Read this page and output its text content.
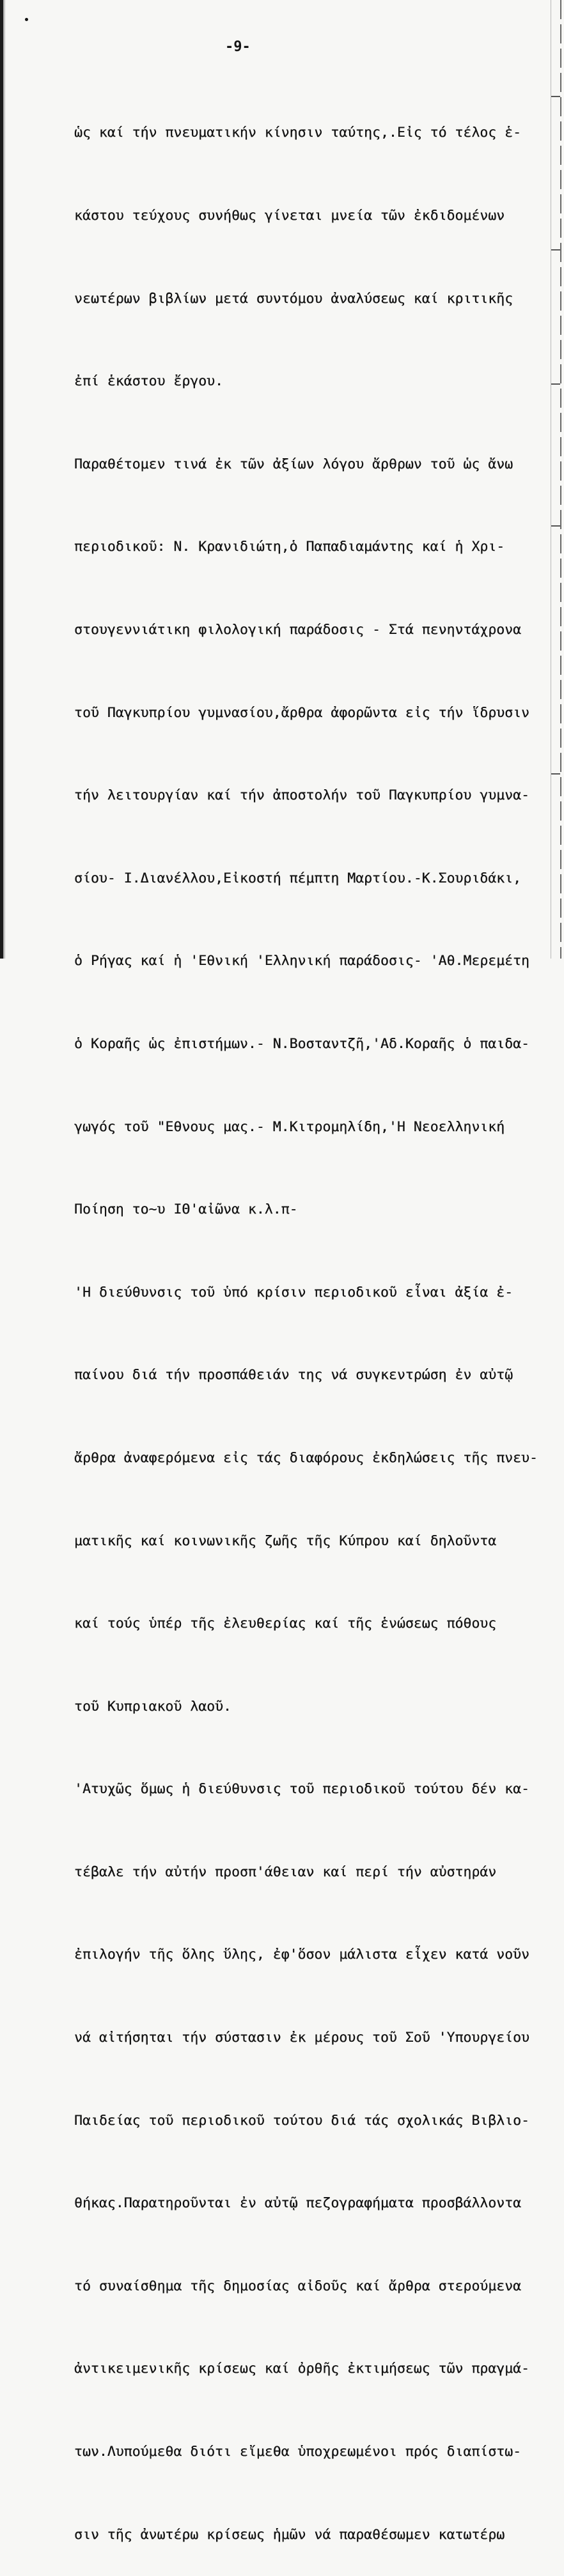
-9-

ὡς καί τήν πνευματικήν κίνησιν ταύτης,.Εἰς τό τέλος ἑ-

κάστου τεύχους συνήθως γίνεται μνεία τῶν ἐκδιδομένων

νεωτέρων βιβλίων μετά συντόμου ἀναλύσεως καί κριτικῆς

ἐπί ἑκάστου ἔργου.

Παραθέτομεν τινά ἐκ τῶν ἀξίων λόγου ἄρθρων τοῦ ὡς ἄνω

περιοδικοῦ: Ν. Κρανιδιώτη,ὁ Παπαδιαμάντης καί ἡ Χρι-

στουγεννιάτικη φιλολογική παράδοσις - Στά πενηντάχρονα

τοῦ Παγκυπρίου γυμνασίου,ἄρθρα ἀφορῶντα εἰς τήν ἵδρυσιν

τήν λειτουργίαν καί τήν ἀποστολήν τοῦ Παγκυπρίου γυμνα-

σίου- Ι.Διανέλλου,Εἰκοστή πέμπτη Μαρτίου.-Κ.Σουριδάκι,

ὁ Ρήγας καί ἡ 'Εθνική 'Ελληνική παράδοσις- 'Αθ.Μερεμέτη

ὁ Κοραῆς ὡς ἐπιστήμων.- Ν.Βοσταντζῆ,'Αδ.Κοραῆς ὁ παιδα-

γωγός τοῦ "Εθνους μας.- Μ.Κιτρομηλίδη,'Η Νεοελληνική

Ποίηση το~υ ΙΘ'αἰῶνα κ.λ.π-

'Η διεύθυνσις τοῦ ὑπό κρίσιν περιοδικοῦ εἶναι ἀξία ἐ-

παίνου διά τήν προσπάθειάν της νά συγκεντρώση ἐν αὐτῷ

ἄρθρα ἀναφερόμενα εἰς τάς διαφόρους ἐκδηλώσεις τῆς πνευ-

ματικῆς καί κοινωνικῆς ζωῆς τῆς Κύπρου καί δηλοῦντα

καί τούς ὑπέρ τῆς ἐλευθερίας καί τῆς ἑνώσεως πόθους

τοῦ Κυπριακοῦ λαοῦ.

'Ατυχῶς ὅμως ἡ διεύθυνσις τοῦ περιοδικοῦ τούτου δέν κα-

τέβαλε τήν αὐτήν προσπ'άθειαν καί περί τήν αὐστηράν

ἐπιλογήν τῆς ὅλης ὕλης, ἐφ'ὅσον μάλιστα εἶχεν κατά νοῦν

νά αἰτήσηται τήν σύστασιν ἐκ μέρους τοῦ Σοῦ 'Υπουργείου

Παιδείας τοῦ περιοδικοῦ τούτου διά τάς σχολικάς Βιβλιο-

θήκας.Παρατηροῦνται ἐν αὐτῷ πεζογραφήματα προσβάλλοντα

τό συναίσθημα τῆς δημοσίας αἰδοῦς καί ἄρθρα στερούμενα

ἀντικειμενικῆς κρίσεως καί ὀρθῆς ἐκτιμήσεως τῶν πραγμά-

των.Λυπούμεθα διότι εἴμεθα ὑποχρεωμένοι πρός διαπίστω-

σιν τῆς ἀνωτέρω κρίσεως ἡμῶν νά παραθέσωμεν κατωτέρω
